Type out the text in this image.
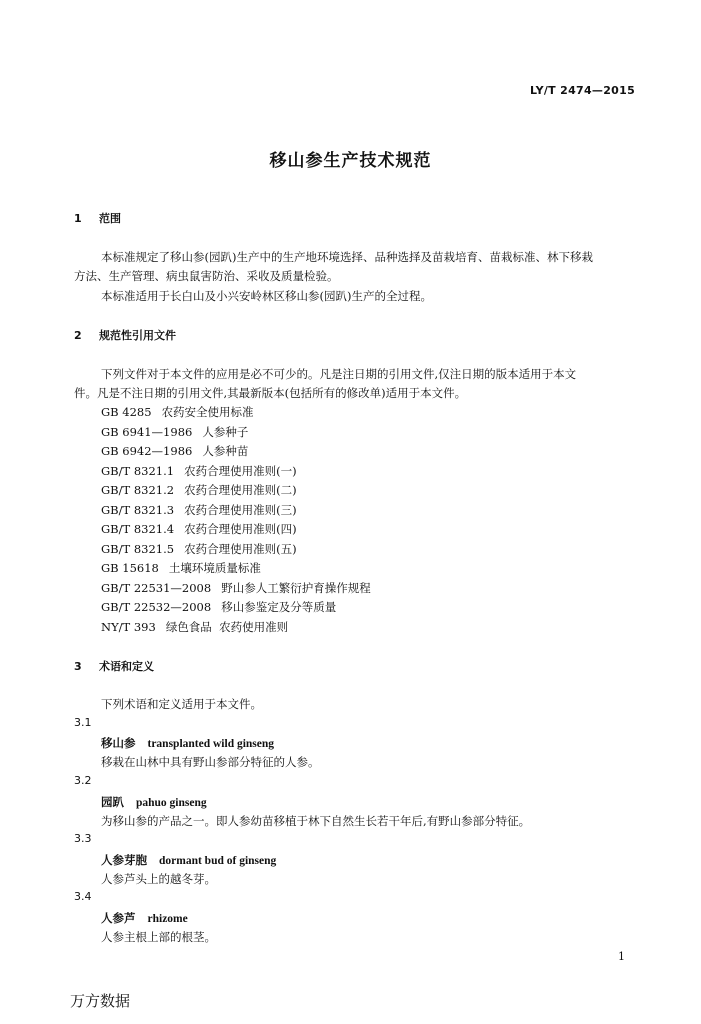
LY/T 2474—2015
移山参生产技术规范
1 范围
本标准规定了移山参(园趴)生产中的生产地环境选择、品种选择及苗栽培育、苗栽标准、林下移栽
方法、生产管理、病虫鼠害防治、采收及质量检验。
本标准适用于长白山及小兴安岭林区移山参(园趴)生产的全过程。
2 规范性引用文件
下列文件对于本文件的应用是必不可少的。凡是注日期的引用文件,仅注日期的版本适用于本文
件。凡是不注日期的引用文件,其最新版本(包括所有的修改单)适用于本文件。
GB 4285 农药安全使用标准
GB 6941—1986 人参种子
GB 6942—1986 人参种苗
GB/T 8321.1 农药合理使用准则(一)
GB/T 8321.2 农药合理使用准则(二)
GB/T 8321.3 农药合理使用准则(三)
GB/T 8321.4 农药合理使用准则(四)
GB/T 8321.5 农药合理使用准则(五)
GB 15618 土壤环境质量标准
GB/T 22531—2008 野山参人工繁衍护育操作规程
GB/T 22532—2008 移山参鉴定及分等质量
NY/T 393 绿色食品  农药使用准则
3 术语和定义
下列术语和定义适用于本文件。
3.1
移山参 transplanted wild ginseng
移栽在山林中具有野山参部分特征的人参。
3.2
园趴 pahuo ginseng
为移山参的产品之一。即人参幼苗移植于林下自然生长若干年后,有野山参部分特征。
3.3
人参芽胞 dormant bud of ginseng
人参芦头上的越冬芽。
3.4
人参芦 rhizome
人参主根上部的根茎。
1
万方数据
